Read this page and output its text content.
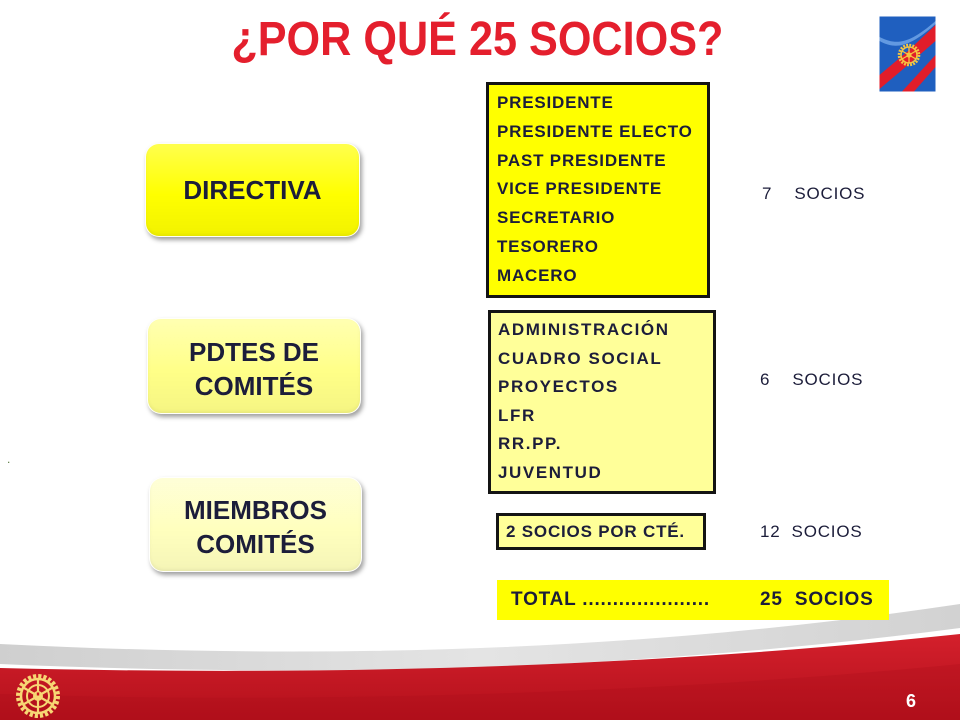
¿POR QUÉ 25 SOCIOS?
.
DIRECTIVA
PDTES DE
COMITÉS
MIEMBROS
COMITÉS
PRESIDENTE
PRESIDENTE ELECTO
PAST PRESIDENTE
VICE PRESIDENTE
SECRETARIO
TESORERO
MACERO
ADMINISTRACIÓN
CUADRO SOCIAL
PROYECTOS
LFR
RR.PP.
JUVENTUD
2 SOCIOS POR CTÉ.
7    SOCIOS
6    SOCIOS
12  SOCIOS
TOTAL .....................	25  SOCIOS
6
